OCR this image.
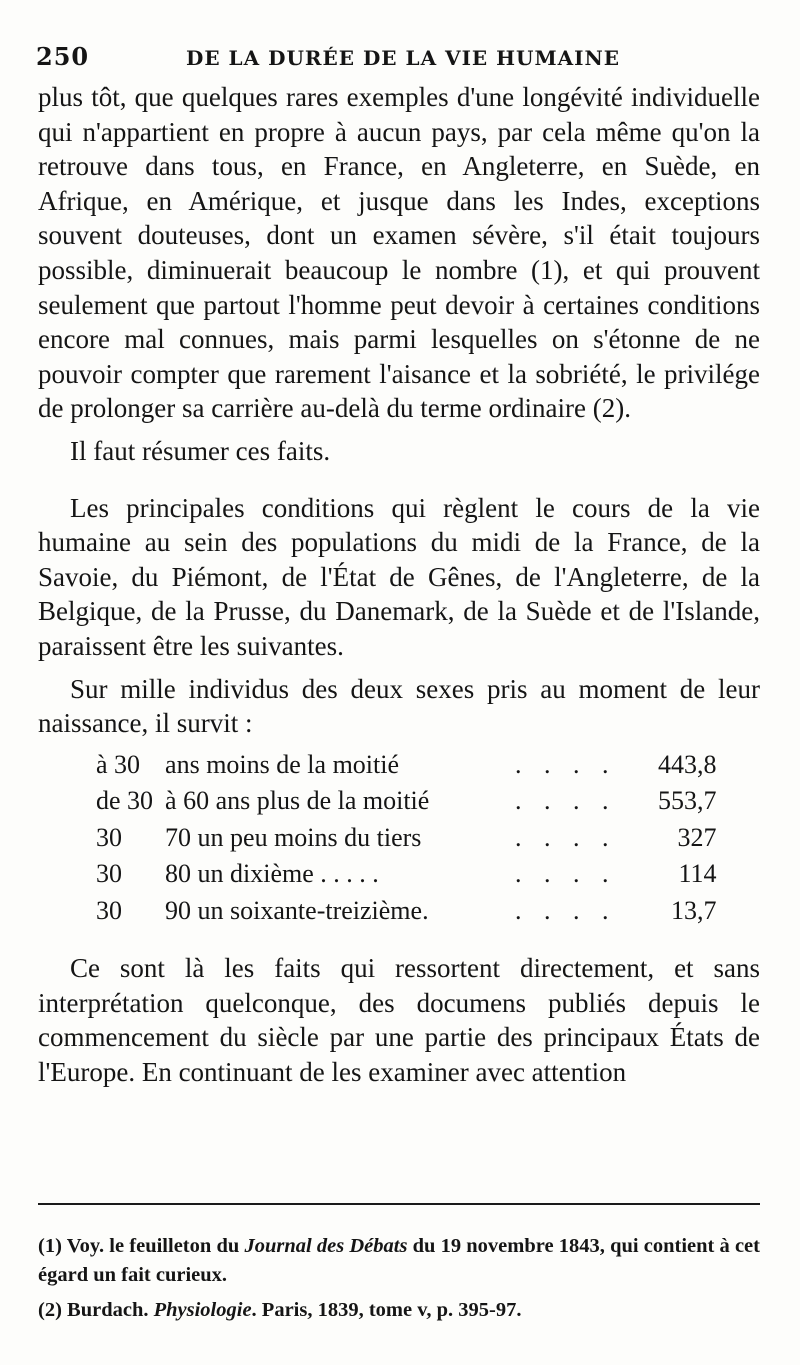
250	DE LA DURÉE DE LA VIE HUMAINE

plus tôt, que quelques rares exemples d'une longévité individuelle qui n'appartient en propre à aucun pays, par cela même qu'on la retrouve dans tous, en France, en Angleterre, en Suède, en Afrique, en Amérique, et jusque dans les Indes, exceptions souvent douteuses, dont un examen sévère, s'il était toujours possible, diminuerait beaucoup le nombre (1), et qui prouvent seulement que partout l'homme peut devoir à certaines conditions encore mal connues, mais parmi lesquelles on s'étonne de ne pouvoir compter que rarement l'aisance et la sobriété, le privilége de prolonger sa carrière au-delà du terme ordinaire (2).

Il faut résumer ces faits.

Les principales conditions qui règlent le cours de la vie humaine au sein des populations du midi de la France, de la Savoie, du Piémont, de l'État de Gênes, de l'Angleterre, de la Belgique, de la Prusse, du Danemark, de la Suède et de l'Islande, paraissent être les suivantes.

Sur mille individus des deux sexes pris au moment de leur naissance, il survit :

à 30	ans moins de la moitié	. . . .	443,8
de 30	à 60 ans plus de la moitié	. . . .	553,7
30	70 un peu moins du tiers	. . . .	327
30	80 un dixième . . . . .	. . . .	114
30	90 un soixante-treizième.	. . . .	13,7

Ce sont là les faits qui ressortent directement, et sans interprétation quelconque, des documens publiés depuis le commencement du siècle par une partie des principaux États de l'Europe. En continuant de les examiner avec attention

(1) Voy. le feuilleton du Journal des Débats du 19 novembre 1843, qui contient à cet égard un fait curieux.

(2) Burdach. Physiologie. Paris, 1839, tome v, p. 395-97.
